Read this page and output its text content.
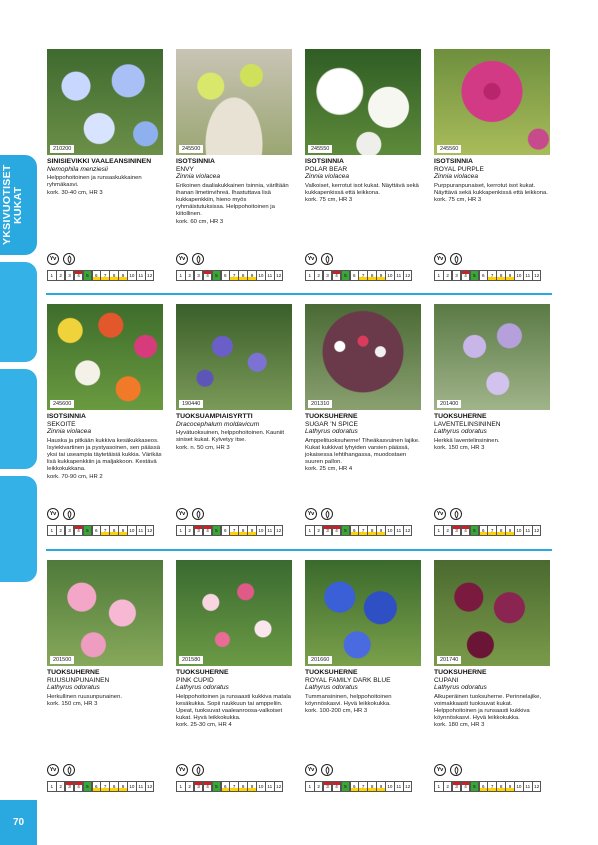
YKSIVUOTISET KUKAT
70
210200
SINISIEVIKKI VAALEANSININEN
Nemophila menziesii
Helppohoitoinen ja runsaskukkainen ryhmäkasvi.
kork. 30-40 cm, HR 3
Yv
1 2 3 4 5 6 7 8 9 10 11 12
245500
ISOTSINNIA
ENVY
Zinnia violacea
Erikoinen daaliakukkainen tsinnia, väriltään ihanan limetinvihreä. Ihastuttava lisä kukkapenkkiin, hieno myös ryhmäistutuksissa. Helppohoitoinen ja kiitollinen.
kork. 60 cm, HR 3
Yv
1 2 3 4 5 6 7 8 9 10 11 12
245550
ISOTSINNIA
POLAR BEAR
Zinnia violacea
Valkoiset, kerrotut isot kukat. Näyttävä sekä kukkapenkissä että leikkona.
kork. 75 cm, HR 3
Yv
1 2 3 4 5 6 7 8 9 10 11 12
245560
ISOTSINNIA
ROYAL PURPLE
Zinnia violacea
Purppuranpunaiset, kerrotut isot kukat. Näyttävä sekä kukkapenkissä että leikkona.
kork. 75 cm, HR 3
Yv
1 2 3 4 5 6 7 8 9 10 11 12
245600
ISOTSINNIA
SEKOITE
Zinnia violacea
Hauska ja pitkään kukkiva kesäkukkaseos. Isyiekivartinen ja pystyasoinen, sen päässä yksi tai useampia täytetäisiä kukkia. Värikäs lisä kukkapenkkiin ja maljakkoon. Kestävä leikkokukkana.
kork. 70-90 cm, HR 2
Yv
1 2 3 4 5 6 7 8 9 10 11 12
190440
TUOKSUAMPIAISYRTTI
Dracocephalum moldavicum
Hyvätuoksuinen, helppohoitoinen. Kauniit siniset kukat. Kylvetyy itse.
kork. n. 50 cm, HR 3
Yv
1 2 3 4 5 6 7 8 9 10 11 12
201310
TUOKSUHERNE
SUGAR 'N SPICE
Lathyrus odoratus
Amppelituoksuherne! Tiheäkasvuinen lajike. Kukat kukkivat lyhyiden varsien päässä, jokaisessa lehtihangassa, muodostaen suuren pallon.
kork. 25 cm, HR 4
Yv
1 2 3 4 5 6 7 8 9 10 11 12
201400
TUOKSUHERNE
LAVENTELINSININEN
Lathyrus odoratus
Herkkä laventelinsininen.
kork. 150 cm, HR 3
Yv
1 2 3 4 5 6 7 8 9 10 11 12
201500
TUOKSUHERNE
RUUSUNPUNAINEN
Lathyrus odoratus
Herkullinen ruusunpunainen.
kork. 150 cm, HR 3
Yv
1 2 3 4 5 6 7 8 9 10 11 12
201580
TUOKSUHERNE
PINK CUPID
Lathyrus odoratus
Helppohoitoinen ja runsaasti kukkiva matala kesäkukka. Sopii ruukkuun tai amppeliin. Upeat, tuoksuvat vaaleanroosa-valkoiset kukat. Hyvä leikkokukka.
kork. 25-30 cm, HR 4
Yv
1 2 3 4 5 6 7 8 9 10 11 12
201660
TUOKSUHERNE
ROYAL FAMILY DARK BLUE
Lathyrus odoratus
Tummansininen, helppohoitoinen köynnöskasvi. Hyvä leikkokukka.
kork. 100-200 cm, HR 3
Yv
1 2 3 4 5 6 7 8 9 10 11 12
201740
TUOKSUHERNE
CUPANI
Lathyrus odoratus
Alkuperäinen tuoksuherne. Perinnelajike, voimakkaasti tuoksuvat kukat. Helppohoitoinen ja runsaasti kukkiva köynnöskasvi. Hyvä leikkokukka.
kork. 180 cm, HR 3
Yv
1 2 3 4 5 6 7 8 9 10 11 12
